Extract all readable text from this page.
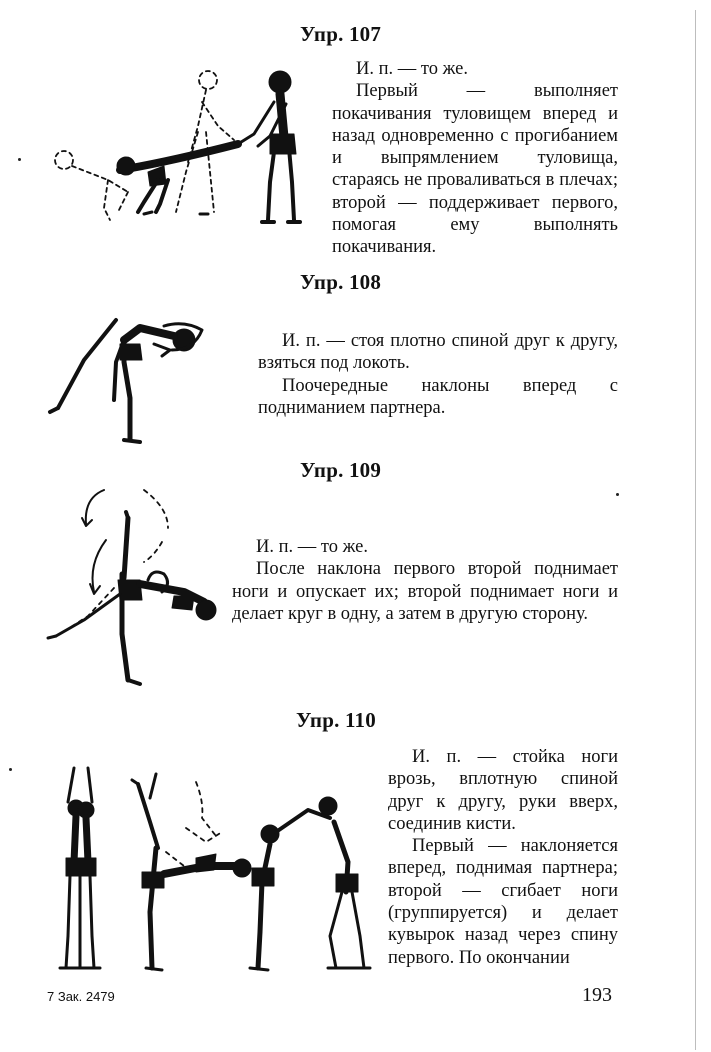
Упр. 107

И. п. — то же.

Первый — выполняет покачивания туловищем вперед и назад одновременно с прогибанием и выпрямлением туловища, стараясь не проваливаться в плечах; второй — поддерживает первого, помогая ему выполнять покачивания.

Упр. 108

И. п. — стоя плотно спиной друг к другу, взяться под локоть.

Поочередные наклоны вперед с подниманием партнера.

Упр. 109

И. п. — то же.

После наклона первого второй поднимает ноги и опускает их; второй поднимает ноги и делает круг в одну, а затем в другую сторону.

Упр. 110

И. п. — стойка ноги врозь, вплотную спиной друг к другу, руки вверх, соединив кисти.

Первый — наклоняется вперед, поднимая партнера; второй — сгибает ноги (группируется) и делает кувырок назад через спину первого. По окончании

7 Зак. 2479	193
